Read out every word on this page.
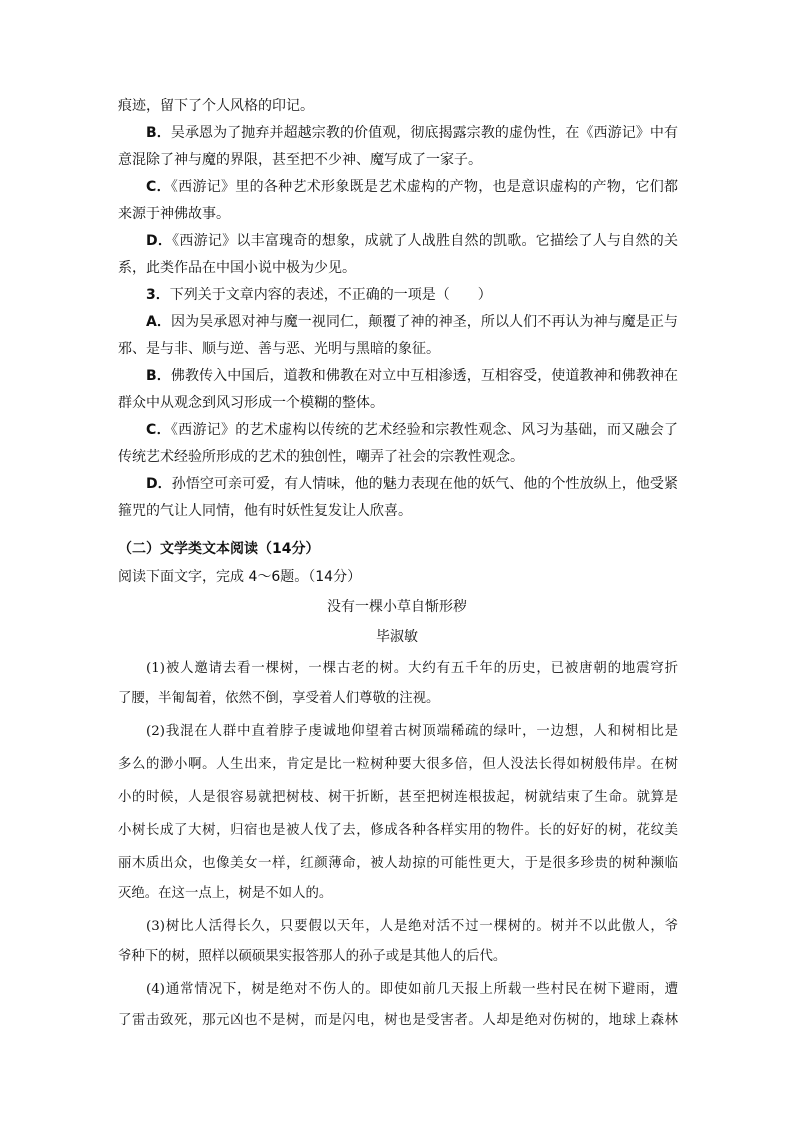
痕迹，留下了个人风格的印记。
B．吴承恩为了抛弃并超越宗教的价值观，彻底揭露宗教的虚伪性，在《西游记》中有
意混除了神与魔的界限，甚至把不少神、魔写成了一家子。
C．《西游记》里的各种艺术形象既是艺术虚构的产物，也是意识虚构的产物，它们都
来源于神佛故事。
D．《西游记》以丰富瑰奇的想象，成就了人战胜自然的凯歌。它描绘了人与自然的关
系，此类作品在中国小说中极为少见。
3．下列关于文章内容的表述，不正确的一项是（　　）
A．因为吴承恩对神与魔一视同仁，颠覆了神的神圣，所以人们不再认为神与魔是正与
邪、是与非、顺与逆、善与恶、光明与黑暗的象征。
B．佛教传入中国后，道教和佛教在对立中互相渗透，互相容受，使道教神和佛教神在
群众中从观念到风习形成一个模糊的整体。
C．《西游记》的艺术虚构以传统的艺术经验和宗教性观念、风习为基础，而又融会了
传统艺术经验所形成的艺术的独创性，嘲弄了社会的宗教性观念。
D．孙悟空可亲可爱，有人情味，他的魅力表现在他的妖气、他的个性放纵上，他受紧
箍咒的气让人同情，他有时妖性复发让人欣喜。
（二）文学类文本阅读（14分）
阅读下面文字，完成 4～6题。（14分）
没有一棵小草自惭形秽
毕淑敏
(1)被人邀请去看一棵树，一棵古老的树。大约有五千年的历史，已被唐朝的地震穹折
了腰，半匍匐着，依然不倒，享受着人们尊敬的注视。
(2)我混在人群中直着脖子虔诚地仰望着古树顶端稀疏的绿叶，一边想，人和树相比是
多么的渺小啊。人生出来，肯定是比一粒树种要大很多倍，但人没法长得如树般伟岸。在树
小的时候，人是很容易就把树枝、树干折断，甚至把树连根拔起，树就结束了生命。就算是
小树长成了大树，归宿也是被人伐了去，修成各种各样实用的物件。长的好好的树，花纹美
丽木质出众，也像美女一样，红颜薄命，被人劫掠的可能性更大，于是很多珍贵的树种濒临
灭绝。在这一点上，树是不如人的。
(3)树比人活得长久，只要假以天年，人是绝对活不过一棵树的。树并不以此傲人，爷
爷种下的树，照样以硕硕果实报答那人的孙子或是其他人的后代。
(4)通常情况下，树是绝对不伤人的。即使如前几天报上所载一些村民在树下避雨，遭
了雷击致死，那元凶也不是树，而是闪电，树也是受害者。人却是绝对伤树的，地球上森林
